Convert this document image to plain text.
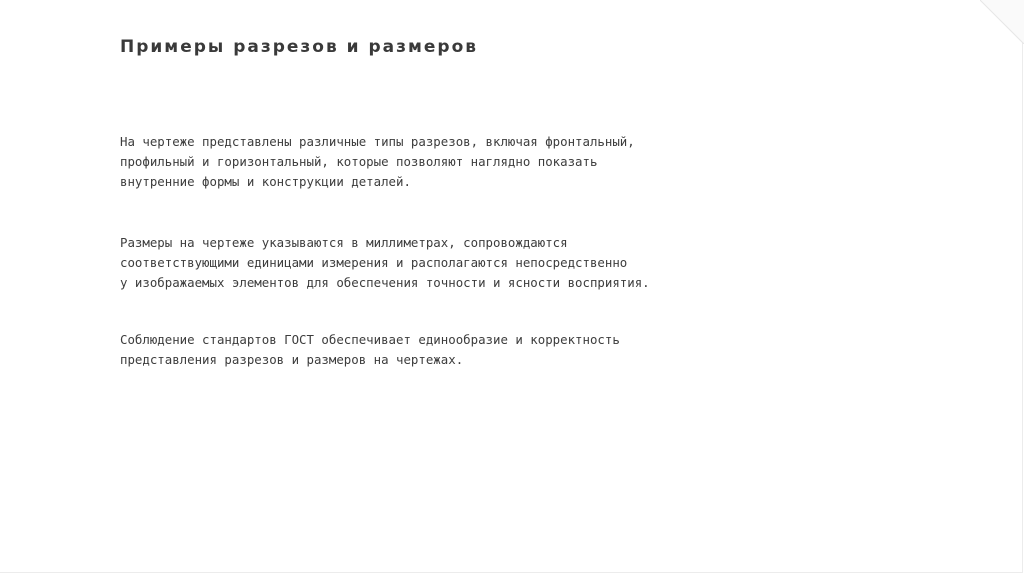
Примеры разрезов и размеров

На чертеже представлены различные типы разрезов, включая фронтальный,
профильный и горизонтальный, которые позволяют наглядно показать
внутренние формы и конструкции деталей.

Размеры на чертеже указываются в миллиметрах, сопровождаются
соответствующими единицами измерения и располагаются непосредственно
у изображаемых элементов для обеспечения точности и ясности восприятия.

Соблюдение стандартов ГОСТ обеспечивает единообразие и корректность
представления разрезов и размеров на чертежах.
